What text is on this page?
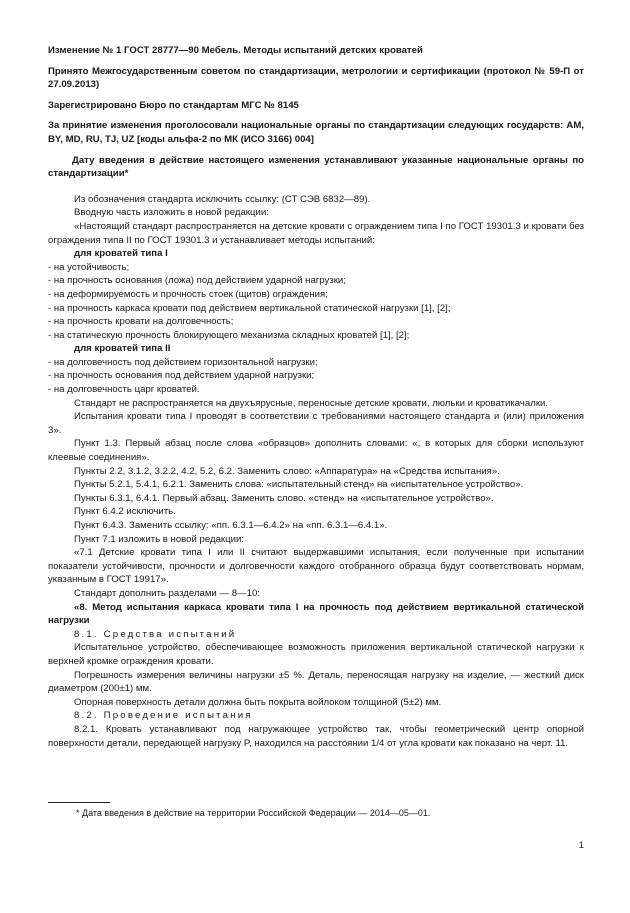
Изменение № 1 ГОСТ 28777—90 Мебель. Методы испытаний детских кроватей

Принято Межгосударственным советом по стандартизации, метрологии и сертификации (протокол № 59-П от 27.09.2013)

Зарегистрировано Бюро по стандартам МГС № 8145

За принятие изменения проголосовали национальные органы по стандартизации следующих государств: AM, BY, MD, RU, TJ, UZ [коды альфа-2 по МК (ИСО 3166) 004]

Дату введения в действие настоящего изменения устанавливают указанные национальные органы по стандартизации*

Из обозначения стандарта исключить ссылку: (СТ СЭВ 6832—89).

Вводную часть изложить в новой редакции:

«Настоящий стандарт распространяется на детские кровати с ограждением типа I по ГОСТ 19301.3 и кровати без ограждения типа II по ГОСТ 19301.3 и устанавливает методы испытаний:

для кроватей типа I

- на устойчивость;

- на прочность основания (ложа) под действием ударной нагрузки;

- на деформируемость и прочность стоек (щитов) ограждения;

- на прочность каркаса кровати под действием вертикальной статической нагрузки [1], [2];

- на прочность кровати на долговечность;

- на статическую прочность блокирующего механизма складных кроватей [1], [2];

для кроватей типа II

- на долговечность под действием горизонтальной нагрузки;

- на прочность основания под действием ударной нагрузки;

- на долговечность царг кроватей.

Стандарт не распространяется на двухъярусные, переносные детские кровати, люльки и кроватикачалки.

Испытания кровати типа I проводят в соответствии с требованиями настоящего стандарта и (или) приложения 3».

Пункт 1.3. Первый абзац после слова «образцов» дополнить словами: «, в которых для сборки используют клеевые соединения».

Пункты 2.2, 3.1.2, 3.2.2, 4.2, 5.2, 6.2. Заменить слово: «Аппаратура» на «Средства испытания».

Пункты 5.2.1, 5.4.1, 6.2.1. Заменить слова: «испытательный стенд» на «испытательное устройство».

Пункты 6.3.1, 6.4.1. Первый абзац. Заменить слово. «стенд» на «испытательное устройство».

Пункт 6.4.2 исключить.

Пункт 6.4.3. Заменить ссылку: «пп. 6.3.1—6.4.2» на «пп. 6.3.1—6.4.1».

Пункт 7.1 изложить в новой редакции:

«7.1 Детские кровати типа I или II считают выдержавшими испытания, если полученные при испытании показатели устойчивости, прочности и долговечности каждого отобранного образца будут соответствовать нормам, указанным в ГОСТ 19917».

Стандарт дополнить разделами — 8—10:

«8. Метод испытания каркаса кровати типа I на прочность под действием вертикальной статической нагрузки

8.1. Средства испытаний

Испытательное устройство, обеспечивающее возможность приложения вертикальной статической нагрузки к верхней кромке ограждения кровати.

Погрешность измерения величины нагрузки ±5 %. Деталь, переносящая нагрузку на изделие, — жесткий диск диаметром (200±1) мм.

Опорная поверхность детали должна быть покрыта войлоком толщиной (5±2) мм.

8.2. Проведение испытания

8.2.1. Кровать устанавливают под нагружающее устройство так, чтобы геометрический центр опорной поверхности детали, передающей нагрузку P, находился на расстоянии 1/4 от угла кровати как показано на черт. 11.

* Дата введения в действие на территории Российской Федерации — 2014—05—01.
1
